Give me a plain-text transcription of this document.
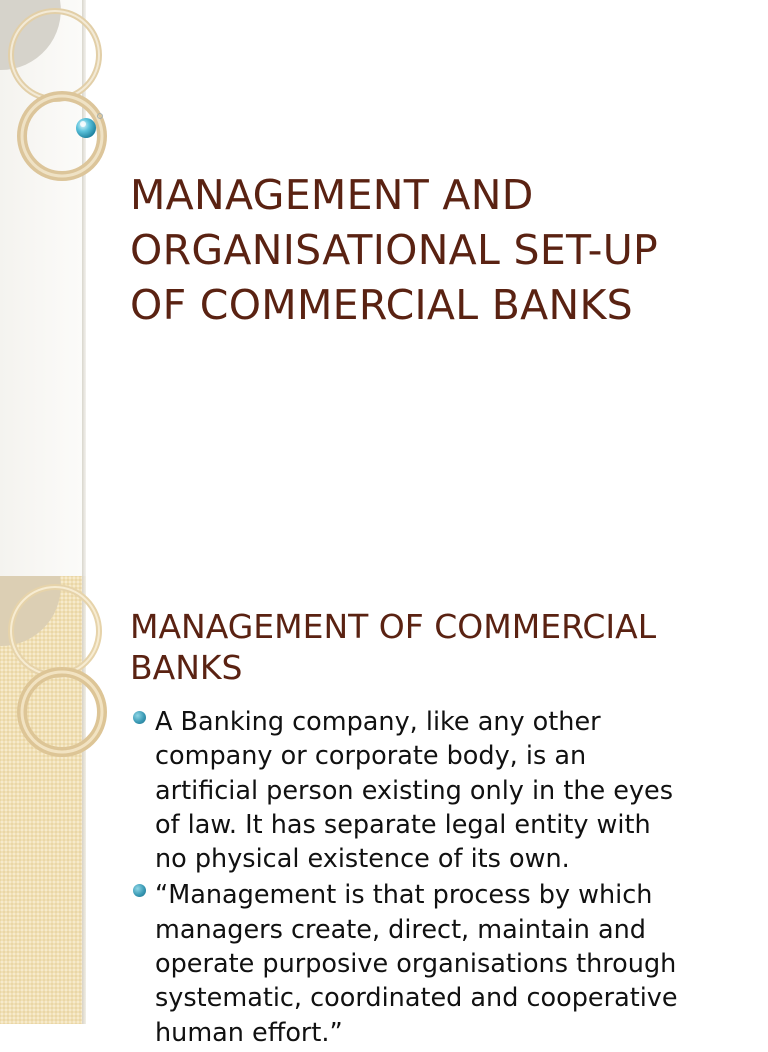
MANAGEMENT AND
ORGANISATIONAL SET-UP
OF COMMERCIAL BANKS
MANAGEMENT OF COMMERCIAL
BANKS
A Banking company, like any other
company or corporate body, is an
artificial person existing only in the eyes
of law. It has separate legal entity with
no physical existence of its own.
“Management is that process by which
managers create, direct, maintain and
operate purposive organisations through
systematic, coordinated and cooperative
human effort.”
